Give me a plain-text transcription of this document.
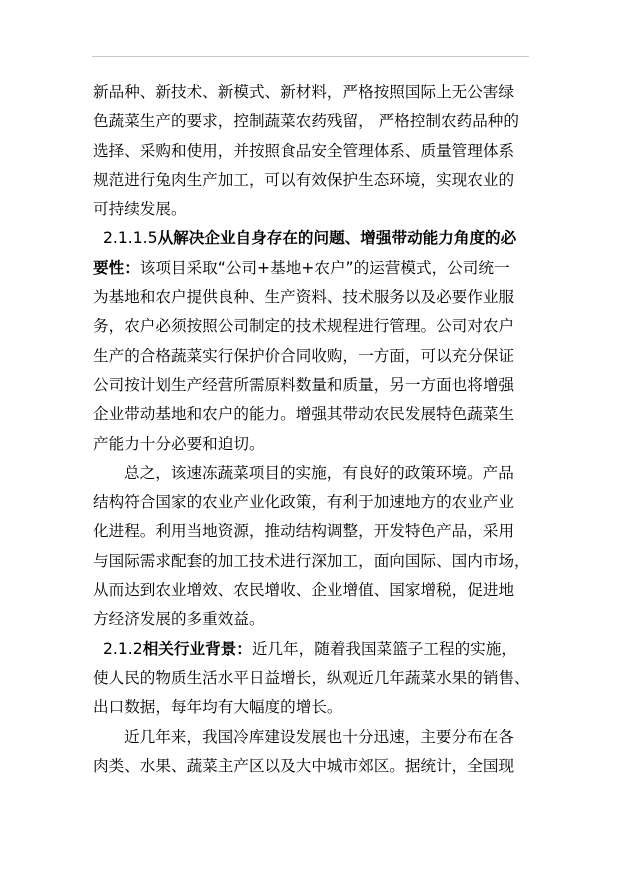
新品种、新技术、新模式、新材料，严格按照国际上无公害绿
色蔬菜生产的要求，控制蔬菜农药残留， 严格控制农药品种的
选择、采购和使用，并按照食品安全管理体系、质量管理体系
规范进行兔肉生产加工，可以有效保护生态环境，实现农业的
可持续发展。
2.1.1.5从解决企业自身存在的问题、增强带动能力角度的必
要性：该项目采取“公司+基地+农户”的运营模式，公司统一
为基地和农户提供良种、生产资料、技术服务以及必要作业服
务，农户必须按照公司制定的技术规程进行管理。公司对农户
生产的合格蔬菜实行保护价合同收购，一方面，可以充分保证
公司按计划生产经营所需原料数量和质量，另一方面也将增强
企业带动基地和农户的能力。增强其带动农民发展特色蔬菜生
产能力十分必要和迫切。
总之，该速冻蔬菜项目的实施，有良好的政策环境。产品
结构符合国家的农业产业化政策，有利于加速地方的农业产业
化进程。利用当地资源，推动结构调整，开发特色产品，采用
与国际需求配套的加工技术进行深加工，面向国际、国内市场，
从而达到农业增效、农民增收、企业增值、国家增税，促进地
方经济发展的多重效益。
2.1.2相关行业背景：近几年，随着我国菜篮子工程的实施，
使人民的物质生活水平日益增长，纵观近几年蔬菜水果的销售、
出口数据，每年均有大幅度的增长。
近几年来，我国冷库建设发展也十分迅速，主要分布在各
肉类、水果、蔬菜主产区以及大中城市郊区。据统计，全国现
